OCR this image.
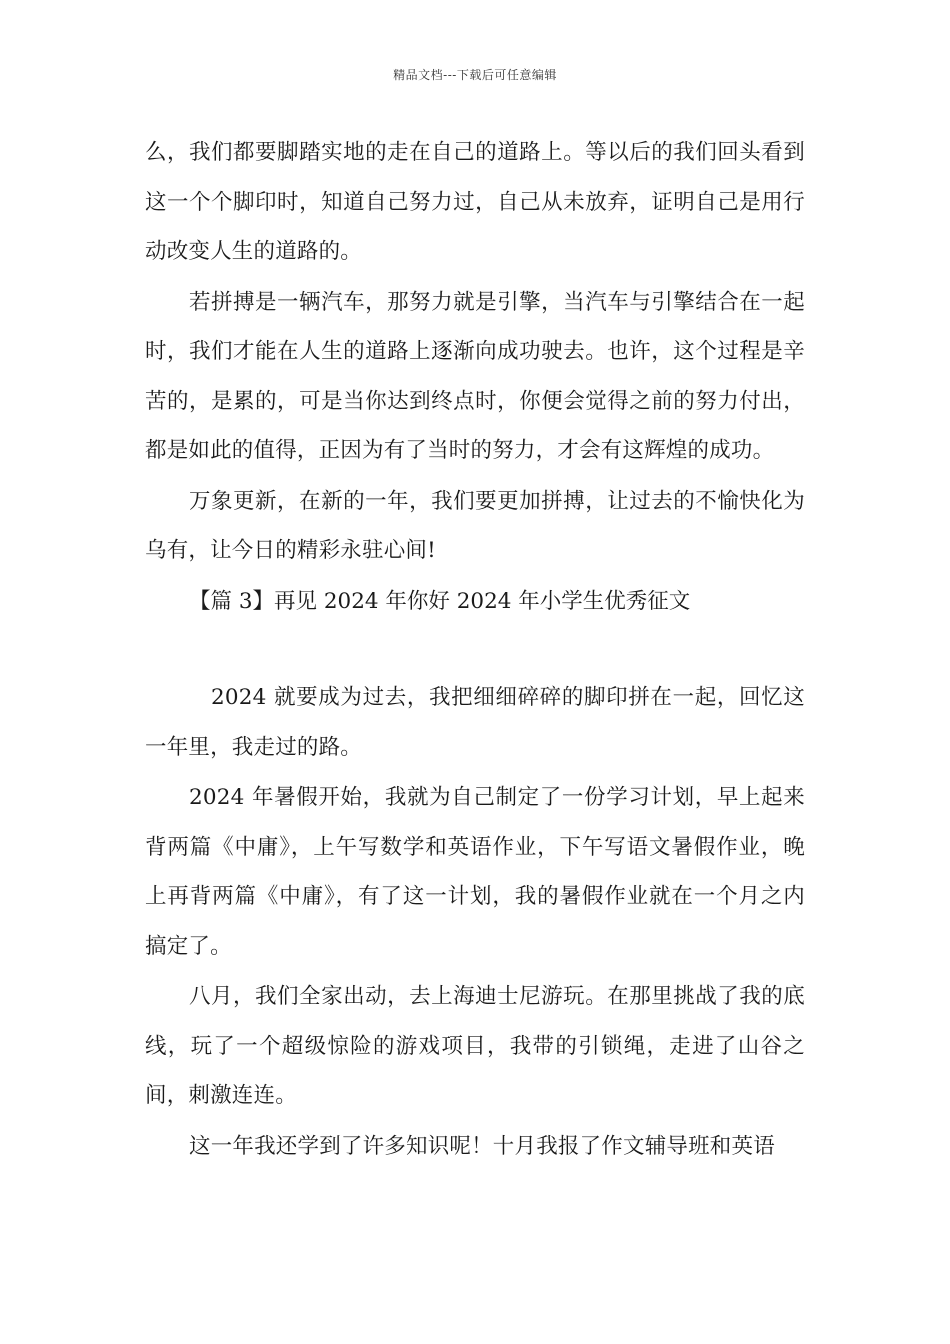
精品文档---下载后可任意编辑

么，我们都要脚踏实地的走在自己的道路上。等以后的我们回头看到这一个个脚印时，知道自己努力过，自己从未放弃，证明自己是用行动改变人生的道路的。

若拼搏是一辆汽车，那努力就是引擎，当汽车与引擎结合在一起时，我们才能在人生的道路上逐渐向成功驶去。也许，这个过程是辛苦的，是累的，可是当你达到终点时，你便会觉得之前的努力付出，都是如此的值得，正因为有了当时的努力，才会有这辉煌的成功。

万象更新，在新的一年，我们要更加拼搏，让过去的不愉快化为乌有，让今日的精彩永驻心间!

【篇 3】再见 2024 年你好 2024 年小学生优秀征文

2024 就要成为过去，我把细细碎碎的脚印拼在一起，回忆这一年里，我走过的路。

2024 年暑假开始，我就为自己制定了一份学习计划，早上起来背两篇《中庸》，上午写数学和英语作业，下午写语文暑假作业，晚上再背两篇《中庸》，有了这一计划，我的暑假作业就在一个月之内搞定了。

八月，我们全家出动，去上海迪士尼游玩。在那里挑战了我的底线，玩了一个超级惊险的游戏项目，我带的引锁绳，走进了山谷之间，刺激连连。

这一年我还学到了许多知识呢！十月我报了作文辅导班和英语
